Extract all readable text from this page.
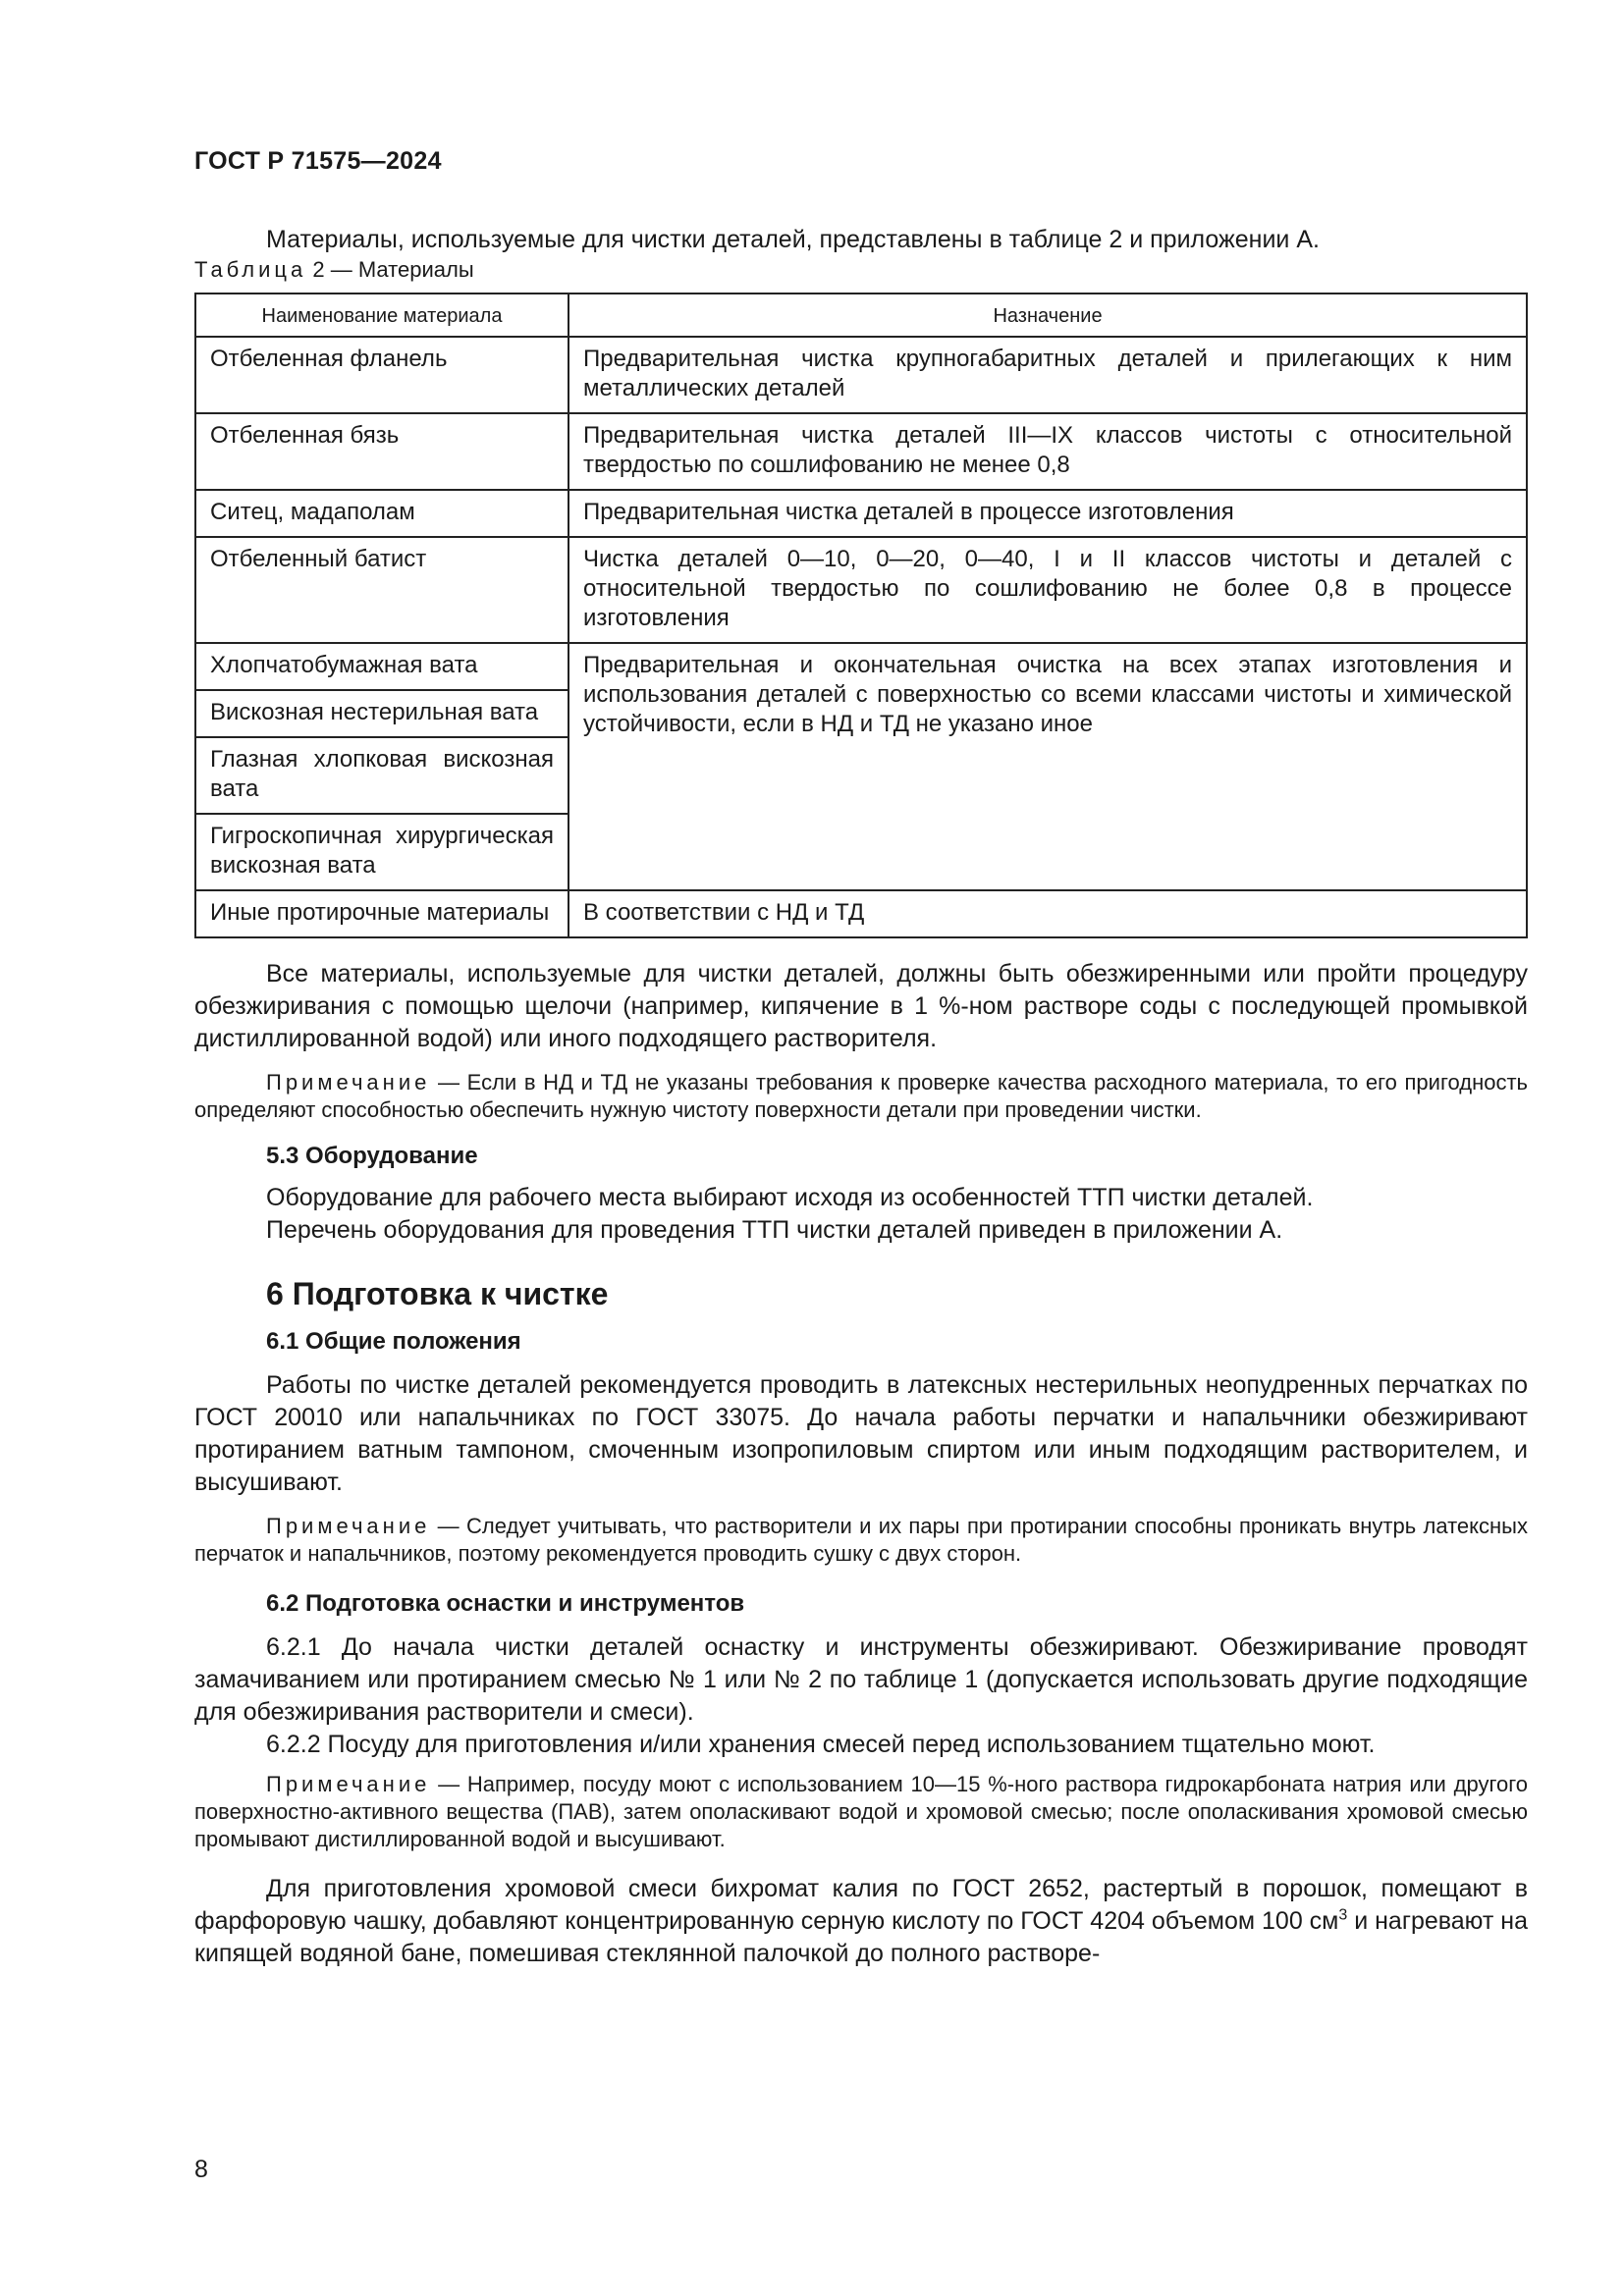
ГОСТ Р 71575—2024

Материалы, используемые для чистки деталей, представлены в таблице 2 и приложении А.

Таблица 2 — Материалы

Наименование материала	Назначение
Отбеленная фланель	Предварительная чистка крупногабаритных деталей и прилегающих к ним металлических деталей
Отбеленная бязь	Предварительная чистка деталей III—IX классов чистоты с относительной твердостью по сошлифованию не менее 0,8
Ситец, мадаполам	Предварительная чистка деталей в процессе изготовления
Отбеленный батист	Чистка деталей 0—10, 0—20, 0—40, I и II классов чистоты и деталей с относительной твердостью по сошлифованию не более 0,8 в процессе изготовления
Хлопчатобумажная вата	Предварительная и окончательная очистка на всех этапах изготовления и использования деталей с поверхностью со всеми классами чистоты и химической устойчивости, если в НД и ТД не указано иное
Вискозная нестерильная вата	
Глазная хлопковая вискозная вата	
Гигроскопичная хирургическая вискозная вата	
Иные протирочные материалы	В соответствии с НД и ТД

Все материалы, используемые для чистки деталей, должны быть обезжиренными или пройти процедуру обезжиривания с помощью щелочи (например, кипячение в 1 %-ном растворе соды с последующей промывкой дистиллированной водой) или иного подходящего растворителя.

Примечание — Если в НД и ТД не указаны требования к проверке качества расходного материала, то его пригодность определяют способностью обеспечить нужную чистоту поверхности детали при проведении чистки.

5.3 Оборудование

Оборудование для рабочего места выбирают исходя из особенностей ТТП чистки деталей.

Перечень оборудования для проведения ТТП чистки деталей приведен в приложении А.

6 Подготовка к чистке

6.1 Общие положения

Работы по чистке деталей рекомендуется проводить в латексных нестерильных неопудренных перчатках по ГОСТ 20010 или напальчниках по ГОСТ 33075. До начала работы перчатки и напальчники обезжиривают протиранием ватным тампоном, смоченным изопропиловым спиртом или иным подходящим растворителем, и высушивают.

Примечание — Следует учитывать, что растворители и их пары при протирании способны проникать внутрь латексных перчаток и напальчников, поэтому рекомендуется проводить сушку с двух сторон.

6.2 Подготовка оснастки и инструментов

6.2.1 До начала чистки деталей оснастку и инструменты обезжиривают. Обезжиривание проводят замачиванием или протиранием смесью № 1 или № 2 по таблице 1 (допускается использовать другие подходящие для обезжиривания растворители и смеси).

6.2.2 Посуду для приготовления и/или хранения смесей перед использованием тщательно моют.

Примечание — Например, посуду моют с использованием 10—15 %-ного раствора гидрокарбоната натрия или другого поверхностно-активного вещества (ПАВ), затем ополаскивают водой и хромовой смесью; после ополаскивания хромовой смесью промывают дистиллированной водой и высушивают.

Для приготовления хромовой смеси бихромат калия по ГОСТ 2652, растертый в порошок, помещают в фарфоровую чашку, добавляют концентрированную серную кислоту по ГОСТ 4204 объемом 100 $см^3$ и нагревают на кипящей водяной бане, помешивая стеклянной палочкой до полного растворе-

8
